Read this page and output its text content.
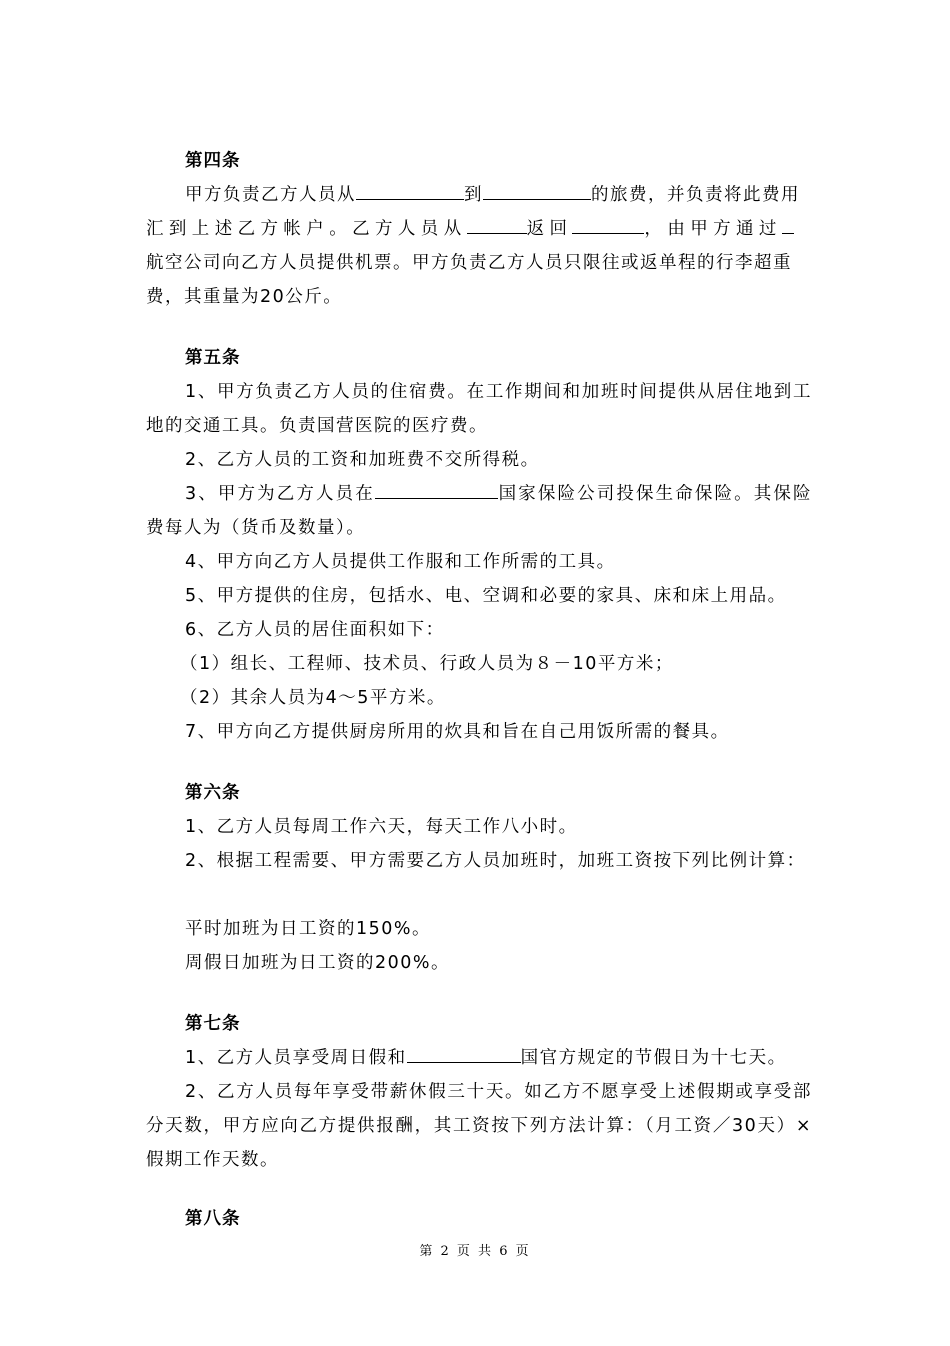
第四条

甲方负责乙方人员从	到	的旅费，并负责将此费用

汇到上述乙方帐户。乙方人员从	返回	，由甲方通过

航空公司向乙方人员提供机票。甲方负责乙方人员只限往或返单程的行李超重

费，其重量为20公斤。

第五条

1、甲方负责乙方人员的住宿费。在工作期间和加班时间提供从居住地到工地的交通工具。负责国营医院的医疗费。

2、乙方人员的工资和加班费不交所得税。

3、甲方为乙方人员在	国家保险公司投保生命保险。其保险费每人为（货币及数量）。

4、甲方向乙方人员提供工作服和工作所需的工具。

5、甲方提供的住房，包括水、电、空调和必要的家具、床和床上用品。

6、乙方人员的居住面积如下：

（1）组长、工程师、技术员、行政人员为８－10平方米；

（2）其余人员为4～5平方米。

7、甲方向乙方提供厨房所用的炊具和旨在自己用饭所需的餐具。

第六条

1、乙方人员每周工作六天，每天工作八小时。

2、根据工程需要、甲方需要乙方人员加班时，加班工资按下列比例计算：

平时加班为日工资的150%。

周假日加班为日工资的200%。

第七条

1、乙方人员享受周日假和	国官方规定的节假日为十七天。

2、乙方人员每年享受带薪休假三十天。如乙方不愿享受上述假期或享受部分天数，甲方应向乙方提供报酬，其工资按下列方法计算：（月工资／30天）×假期工作天数。

第八条

第 2 页 共 6 页
